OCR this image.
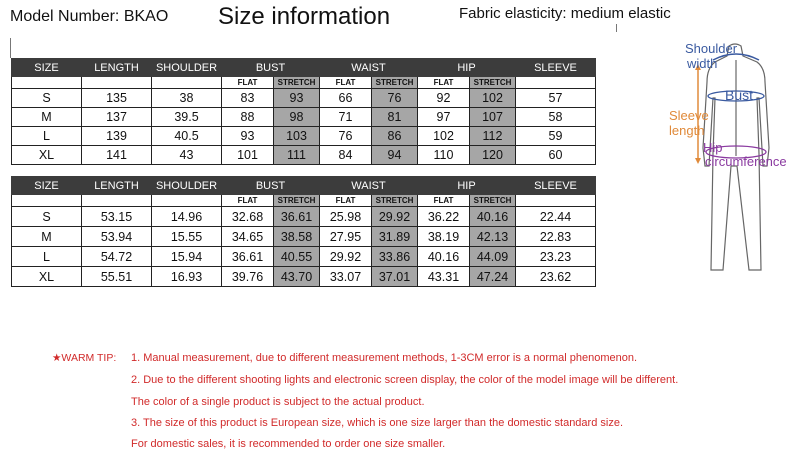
Model Number: BKAO Size information	Fabric elasticity: medium elastic
SIZE	LENGTH	SHOULDER	BUST		WAIST		HIP		SLEEVE
			FLAT	STRETCH	FLAT	STRETCH	FLAT	STRETCH	
S	135	38	83	93	66	76	92	102	57
M	137	39.5	88	98	71	81	97	107	58
L	139	40.5	93	103	76	86	102	112	59
XL	141	43	101	111	84	94	110	120	60
SIZE	LENGTH	SHOULDER	BUST		WAIST		HIP		SLEEVE
			FLAT	STRETCH	FLAT	STRETCH	FLAT	STRETCH	
S	53.15	14.96	32.68	36.61	25.98	29.92	36.22	40.16	22.44
M	53.94	15.55	34.65	38.58	27.95	31.89	38.19	42.13	22.83
L	54.72	15.94	36.61	40.55	29.92	33.86	40.16	44.09	23.23
XL	55.51	16.93	39.76	43.70	33.07	37.01	43.31	47.24	23.62
Shoulder
width
Bust
Sleeve
length
Hip
circumference
★WARM TIP: 1. Manual measurement, due to different measurement methods, 1-3CM error is a normal phenomenon.
2. Due to the different shooting lights and electronic screen display, the color of the model image will be different.
The color of a single product is subject to the actual product.
3. The size of this product is European size, which is one size larger than the domestic standard size.
For domestic sales, it is recommended to order one size smaller.
